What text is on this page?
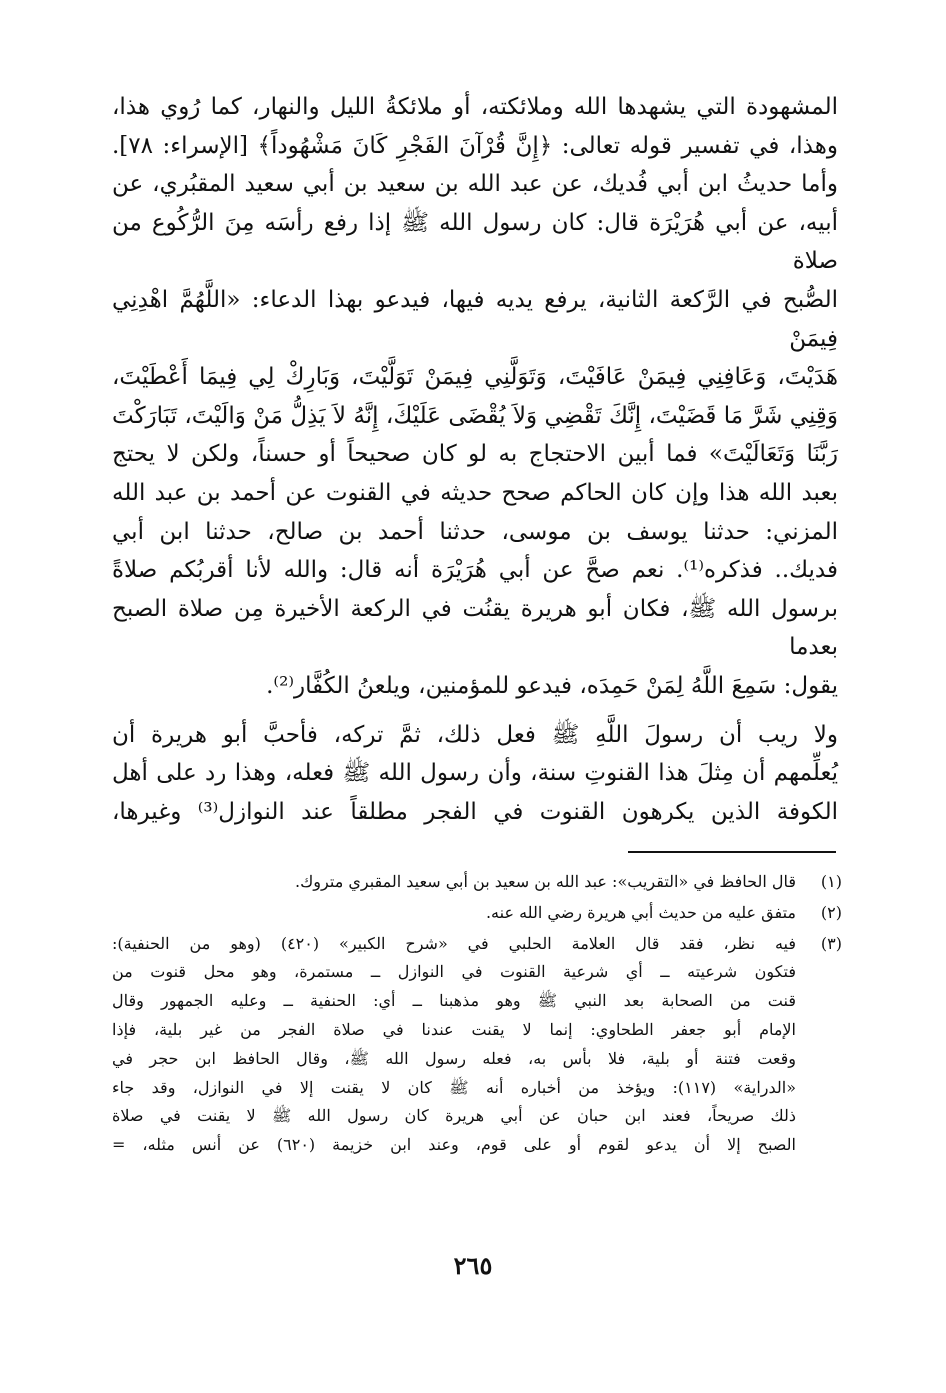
المشهودة التي يشهدها الله وملائكته، أو ملائكةُ الليل والنهار، كما رُوي هذا،

وهذا، في تفسير قوله تعالى: ﴿إِنَّ قُرْآنَ الفَجْرِ كَانَ مَشْهُوداً﴾ [الإسراء: ٧٨].

وأما حديثُ ابن أبي فُديك، عن عبد الله بن سعيد بن أبي سعيد المقبُري، عن

أبيه، عن أبي هُرَيْرَة قال: كان رسول الله ﷺ إذا رفع رأسَه مِنَ الرُّكُوع من صلاة

الصُّبح في الرَّكعة الثانية، يرفع يديه فيها، فيدعو بهذا الدعاء: «اللَّهُمَّ اهْدِنِي فِيمَنْ

هَدَيْتَ، وَعَافِنِي فِيمَنْ عَافَيْتَ، وَتَوَلَّنِي فِيمَنْ تَوَلَّيْتَ، وَبَارِكْ لِي فِيمَا أَعْطَيْتَ،

وَقِنِي شَرَّ مَا قَضَيْتَ، إِنَّكَ تَقْضِي وَلاَ يُقْضَى عَلَيْكَ، إِنَّهُ لاَ يَذِلُّ مَنْ وَالَيْتَ، تَبَارَكْتَ

رَبَّنَا وَتَعَالَيْتَ» فما أبين الاحتجاج به لو كان صحيحاً أو حسناً، ولكن لا يحتج

بعبد الله هذا وإن كان الحاكم صحح حديثه في القنوت عن أحمد بن عبد الله

المزني: حدثنا يوسف بن موسى، حدثنا أحمد بن صالح، حدثنا ابن أبي

فديك.. فذكره⁽¹⁾. نعم صحَّ عن أبي هُرَيْرَة أنه قال: والله لأنا أقربُكم صلاةً

برسول الله ﷺ، فكان أبو هريرة يقنُت في الركعة الأخيرة مِن صلاة الصبح بعدما

يقول: سَمِعَ اللَّهُ لِمَنْ حَمِدَه، فيدعو للمؤمنين، ويلعنُ الكُفَّار⁽²⁾.

ولا ريب أن رسولَ اللَّهِ ﷺ فعل ذلك، ثمَّ تركه، فأحبَّ أبو هريرة أن

يُعلِّمهم أن مِثلَ هذا القنوتِ سنة، وأن رسول الله ﷺ فعله، وهذا رد على أهل

الكوفة الذين يكرهون القنوت في الفجر مطلقاً عند النوازل⁽³⁾ وغيرها،

(١)

قال الحافظ في «التقريب»: عبد الله بن سعيد بن أبي سعيد المقبري متروك.

(٢)

متفق عليه من حديث أبي هريرة رضي الله عنه.

(٣)

فيه نظر، فقد قال العلامة الحلبي في «شرح الكبير» (٤٢٠) (وهو من الحنفية):

فتكون شرعيته ــ أي شرعية القنوت في النوازل ــ مستمرة، وهو محل قنوت من

قنت من الصحابة بعد النبي ﷺ وهو مذهبنا ــ أي: الحنفية ــ وعليه الجمهور وقال

الإمام أبو جعفر الطحاوي: إنما لا يقنت عندنا في صلاة الفجر من غير بلية، فإذا

وقعت فتنة أو بلية، فلا بأس به، فعله رسول الله ﷺ، وقال الحافظ ابن حجر في

«الدراية» (١١٧): ويؤخذ من أخباره أنه ﷺ كان لا يقنت إلا في النوازل، وقد جاء

ذلك صريحاً، فعند ابن حبان عن أبي هريرة كان رسول الله ﷺ لا يقنت في صلاة

الصبح إلا أن يدعو لقوم أو على قوم، وعند ابن خزيمة (٦٢٠) عن أنس مثله، =

٢٦٥
